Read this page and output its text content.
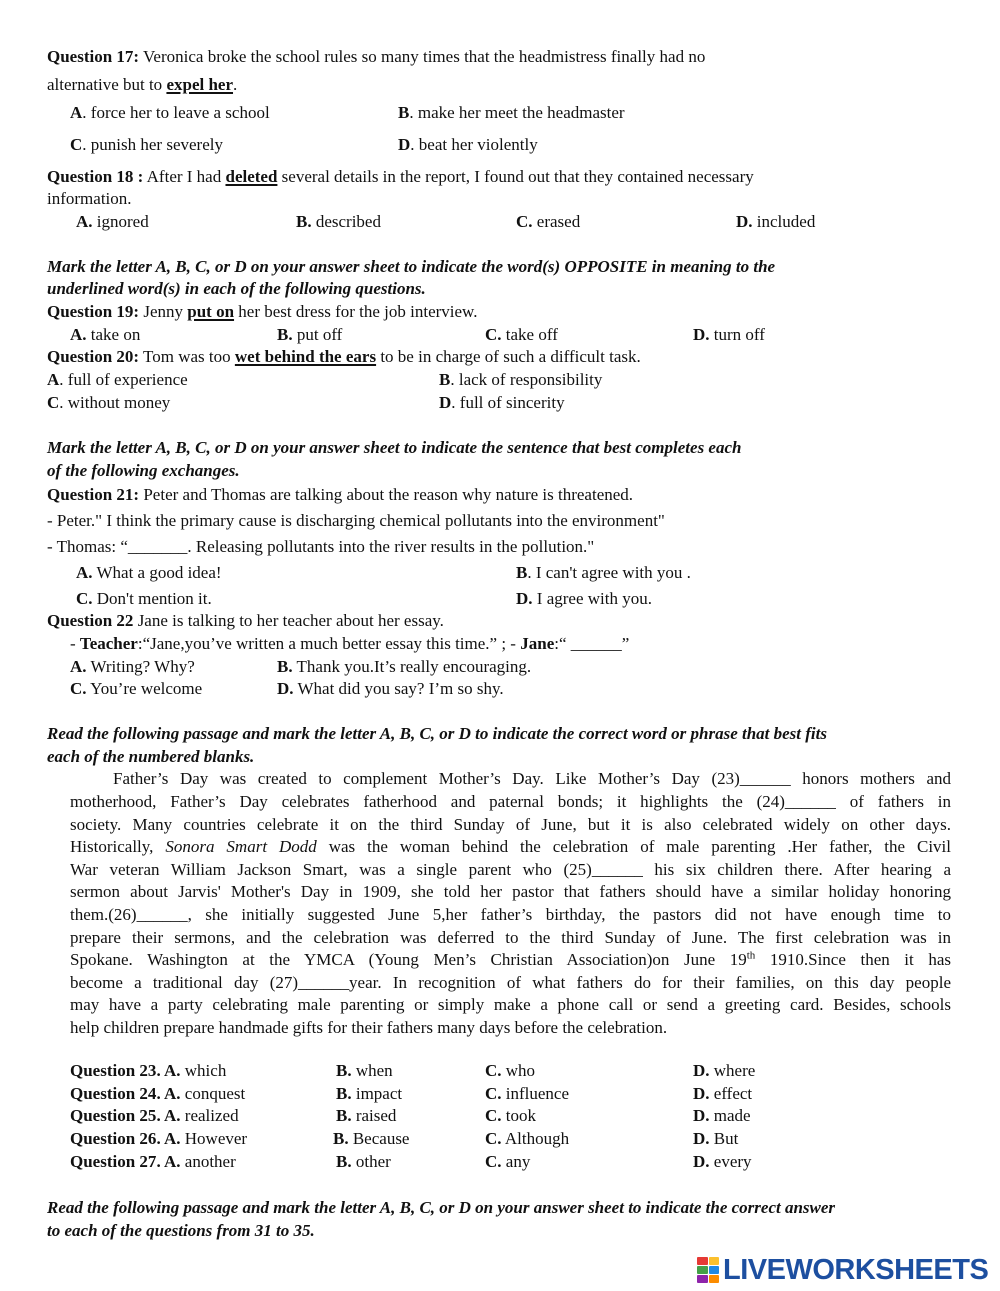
Question 17: Veronica broke the school rules so many times that the headmistress finally had no
alternative but to expel her.
A. force her to leave a school	B. make her meet the headmaster
C. punish her severely	D. beat her violently
Question 18 : After I had deleted several details in the report, I found out that they contained necessary
information.
A. ignored	B. described	C. erased	D. included
Mark the letter A, B, C, or D on your answer sheet to indicate the word(s) OPPOSITE in meaning to the
underlined word(s) in each of the following questions.
Question 19: Jenny put on her best dress for the job interview.
A. take on	B. put off	C. take off	D. turn off
Question 20: Tom was too wet behind the ears to be in charge of such a difficult task.
A. full of experience	B. lack of responsibility
C. without money	D. full of sincerity
Mark the letter A, B, C, or D on your answer sheet to indicate the sentence that best completes each
of the following exchanges.
Question 21: Peter and Thomas are talking about the reason why nature is threatened.
- Peter." I think the primary cause is discharging chemical pollutants into the environment"
- Thomas: “_______. Releasing pollutants into the river results in the pollution."
A. What a good idea!	B. I can't agree with you .
C. Don't mention it.	D. I agree with you.
Question 22 Jane is talking to her teacher about her essay.
- Teacher:“Jane,you’ve written a much better essay this time.” ; - Jane:“ ______”
A. Writing? Why?	B. Thank you.It’s really encouraging.
C. You’re welcome	D. What did you say? I’m so shy.
Read the following passage and mark the letter A, B, C, or D to indicate the correct word or phrase that best fits
each of the numbered blanks.
Father’s Day was created to complement Mother’s Day. Like Mother’s Day (23)______ honors mothers and
motherhood, Father’s Day celebrates fatherhood and paternal bonds; it highlights the (24)______ of fathers in
society. Many countries celebrate it on the third Sunday of June, but it is also celebrated widely on other days.
Historically, Sonora Smart Dodd was the woman behind the celebration of male parenting .Her father, the Civil
War veteran William Jackson Smart, was a single parent who (25)______ his six children there. After hearing a
sermon about Jarvis' Mother's Day in 1909, she told her pastor that fathers should have a similar holiday honoring
them.(26)______, she initially suggested June 5,her father’s birthday, the pastors did not have enough time to
prepare their sermons, and the celebration was deferred to the third Sunday of June. The first celebration was in
Spokane. Washington at the YMCA (Young Men’s Christian Association)on June 19th 1910.Since then it has
become a traditional day (27)______year. In recognition of what fathers do for their families, on this day people
may have a party celebrating male parenting or simply make a phone call or send a greeting card. Besides, schools
help children prepare handmade gifts for their fathers many days before the celebration.
Question 23. A. which	B. when	C. who	D. where
Question 24. A. conquest	B. impact	C. influence	D. effect
Question 25. A. realized	B. raised	C. took	D. made
Question 26. A. However	B. Because	C. Although	D. But
Question 27. A. another	B. other	C. any	D. every
Read the following passage and mark the letter A, B, C, or D on your answer sheet to indicate the correct answer
to each of the questions from 31 to 35.
LIVEWORKSHEETS
